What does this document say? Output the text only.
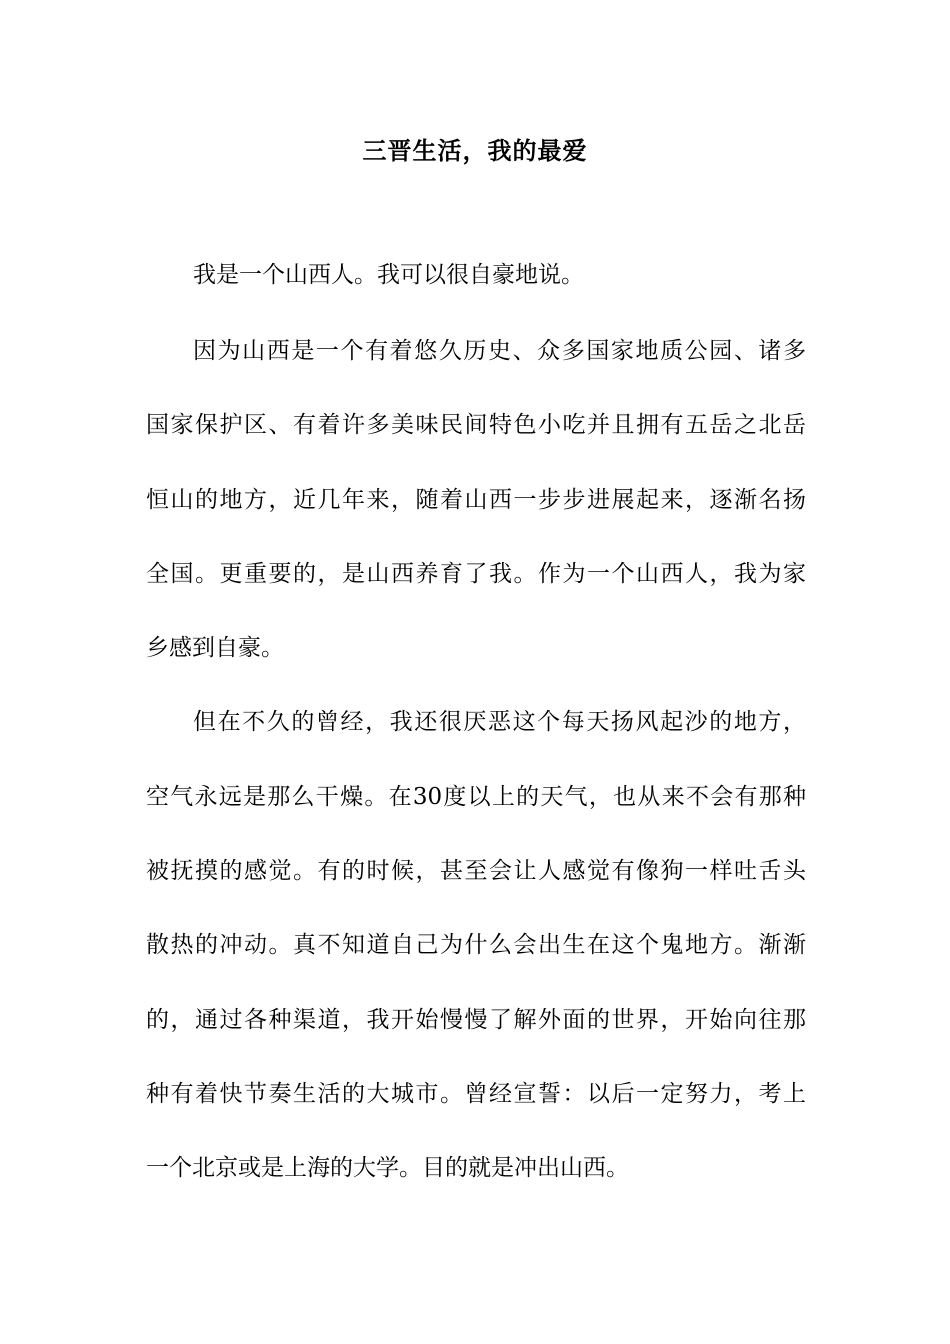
三晋生活，我的最爱
我是一个山西人。我可以很自豪地说。
因为山西是一个有着悠久历史、众多国家地质公园、诸多
国家保护区、有着许多美味民间特色小吃并且拥有五岳之北岳
恒山的地方，近几年来，随着山西一步步进展起来，逐渐名扬
全国。更重要的，是山西养育了我。作为一个山西人，我为家
乡感到自豪。
但在不久的曾经，我还很厌恶这个每天扬风起沙的地方，
空气永远是那么干燥。在30度以上的天气，也从来不会有那种
被抚摸的感觉。有的时候，甚至会让人感觉有像狗一样吐舌头
散热的冲动。真不知道自己为什么会出生在这个鬼地方。渐渐
的，通过各种渠道，我开始慢慢了解外面的世界，开始向往那
种有着快节奏生活的大城市。曾经宣誓：以后一定努力，考上
一个北京或是上海的大学。目的就是冲出山西。
